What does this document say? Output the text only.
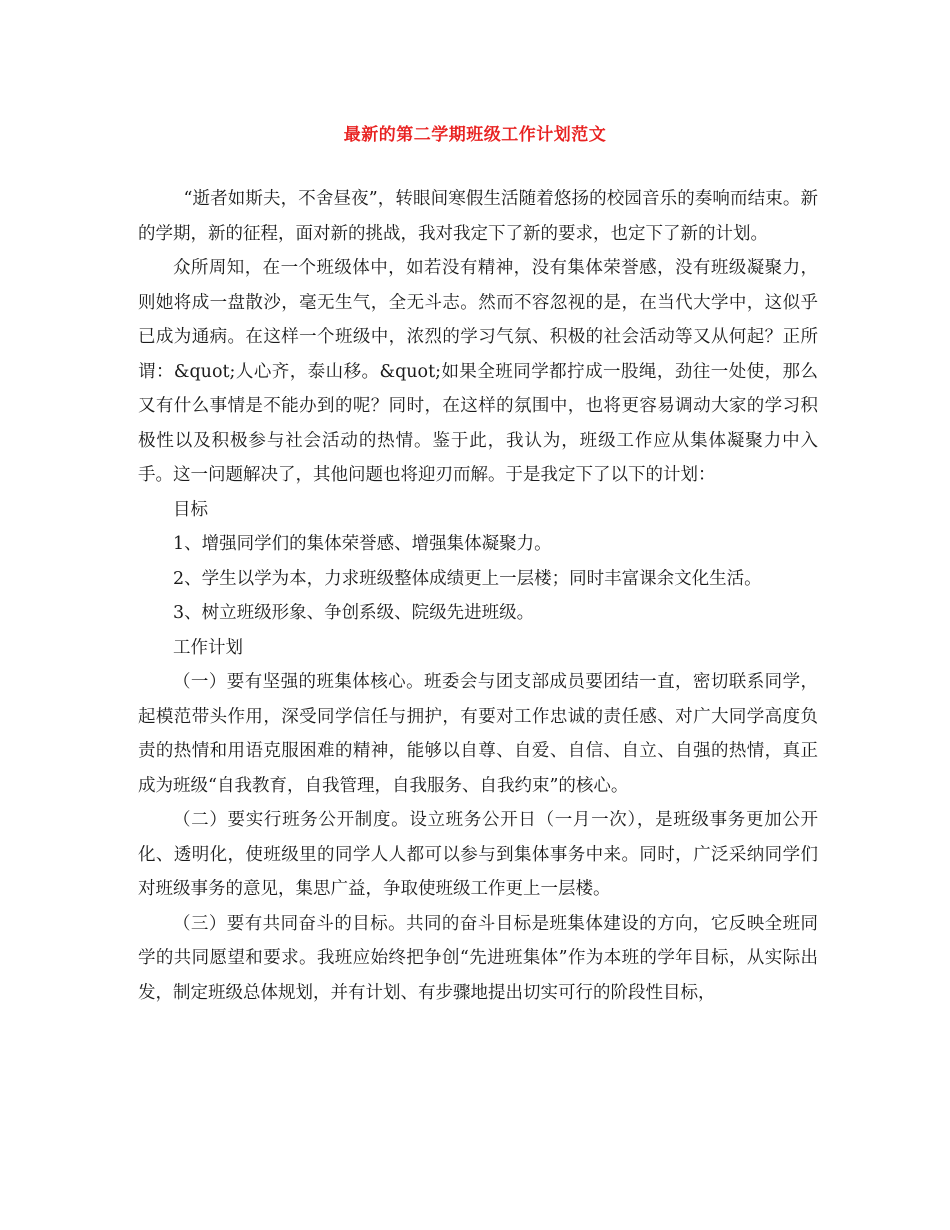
最新的第二学期班级工作计划范文

“逝者如斯夫，不舍昼夜”，转眼间寒假生活随着悠扬的校园音乐的奏响而结束。新的学期，新的征程，面对新的挑战，我对我定下了新的要求，也定下了新的计划。

众所周知，在一个班级体中，如若没有精神，没有集体荣誉感，没有班级凝聚力，则她将成一盘散沙，毫无生气，全无斗志。然而不容忽视的是，在当代大学中，这似乎已成为通病。在这样一个班级中，浓烈的学习气氛、积极的社会活动等又从何起？正所谓：&quot;人心齐，泰山移。&quot;如果全班同学都拧成一股绳，劲往一处使，那么又有什么事情是不能办到的呢？同时，在这样的氛围中，也将更容易调动大家的学习积极性以及积极参与社会活动的热情。鉴于此，我认为，班级工作应从集体凝聚力中入手。这一问题解决了，其他问题也将迎刃而解。于是我定下了以下的计划：

目标

1、增强同学们的集体荣誉感、增强集体凝聚力。

2、学生以学为本，力求班级整体成绩更上一层楼；同时丰富课余文化生活。

3、树立班级形象、争创系级、院级先进班级。

工作计划

（一）要有坚强的班集体核心。班委会与团支部成员要团结一直，密切联系同学，起模范带头作用，深受同学信任与拥护，有要对工作忠诚的责任感、对广大同学高度负责的热情和用语克服困难的精神，能够以自尊、自爱、自信、自立、自强的热情，真正成为班级“自我教育，自我管理，自我服务、自我约束”的核心。

（二）要实行班务公开制度。设立班务公开日（一月一次），是班级事务更加公开化、透明化，使班级里的同学人人都可以参与到集体事务中来。同时，广泛采纳同学们对班级事务的意见，集思广益，争取使班级工作更上一层楼。

（三）要有共同奋斗的目标。共同的奋斗目标是班集体建设的方向，它反映全班同学的共同愿望和要求。我班应始终把争创“先进班集体”作为本班的学年目标，从实际出发，制定班级总体规划，并有计划、有步骤地提出切实可行的阶段性目标，
